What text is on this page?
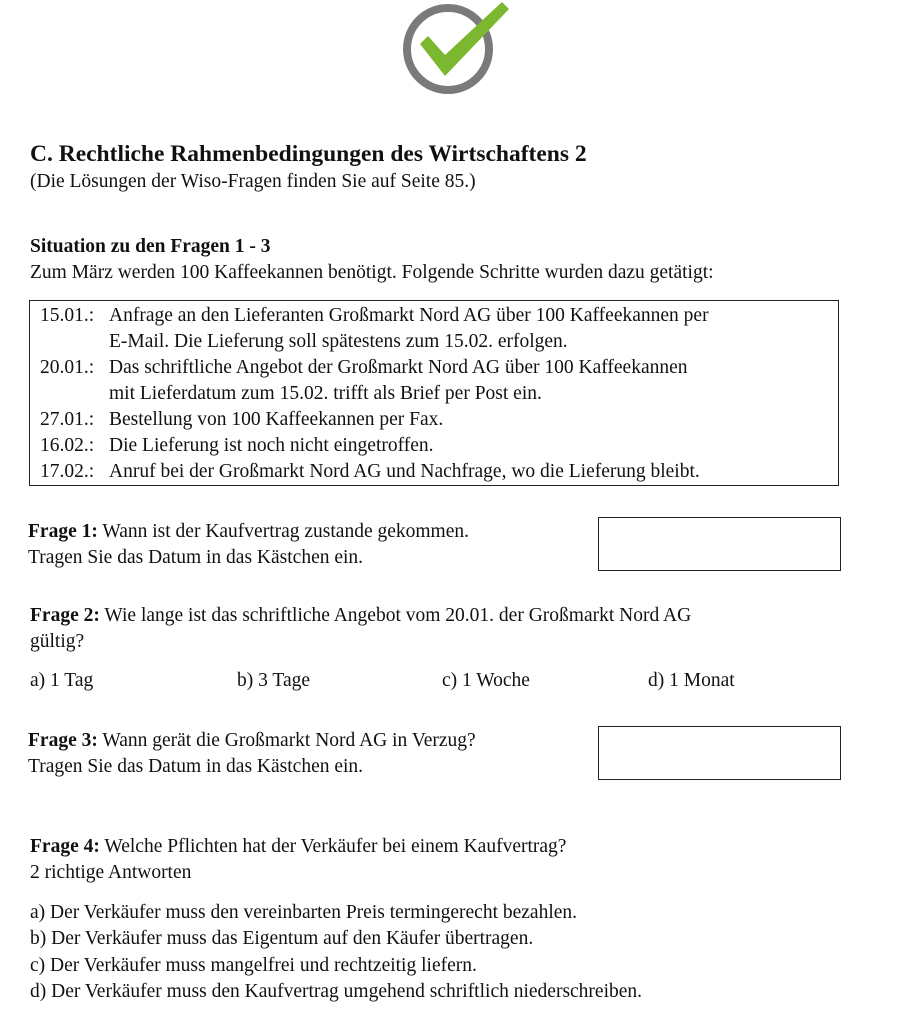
C. Rechtliche Rahmenbedingungen des Wirtschaftens 2
(Die Lösungen der Wiso-Fragen finden Sie auf Seite 85.)
Situation zu den Fragen 1 - 3
Zum März werden 100 Kaffeekannen benötigt. Folgende Schritte wurden dazu getätigt:
15.01.: Anfrage an den Lieferanten Großmarkt Nord AG über 100 Kaffeekannen per
E-Mail. Die Lieferung soll spätestens zum 15.02. erfolgen.
20.01.: Das schriftliche Angebot der Großmarkt Nord AG über 100 Kaffeekannen
mit Lieferdatum zum 15.02. trifft als Brief per Post ein.
27.01.: Bestellung von 100 Kaffeekannen per Fax.
16.02.: Die Lieferung ist noch nicht eingetroffen.
17.02.: Anruf bei der Großmarkt Nord AG und Nachfrage, wo die Lieferung bleibt.
Frage 1: Wann ist der Kaufvertrag zustande gekommen.
Tragen Sie das Datum in das Kästchen ein.
Frage 2: Wie lange ist das schriftliche Angebot vom 20.01. der Großmarkt Nord AG
gültig?
a) 1 Tag	b) 3 Tage	c) 1 Woche	d) 1 Monat
Frage 3: Wann gerät die Großmarkt Nord AG in Verzug?
Tragen Sie das Datum in das Kästchen ein.
Frage 4: Welche Pflichten hat der Verkäufer bei einem Kaufvertrag?
2 richtige Antworten
a) Der Verkäufer muss den vereinbarten Preis termingerecht bezahlen.
b) Der Verkäufer muss das Eigentum auf den Käufer übertragen.
c) Der Verkäufer muss mangelfrei und rechtzeitig liefern.
d) Der Verkäufer muss den Kaufvertrag umgehend schriftlich niederschreiben.
